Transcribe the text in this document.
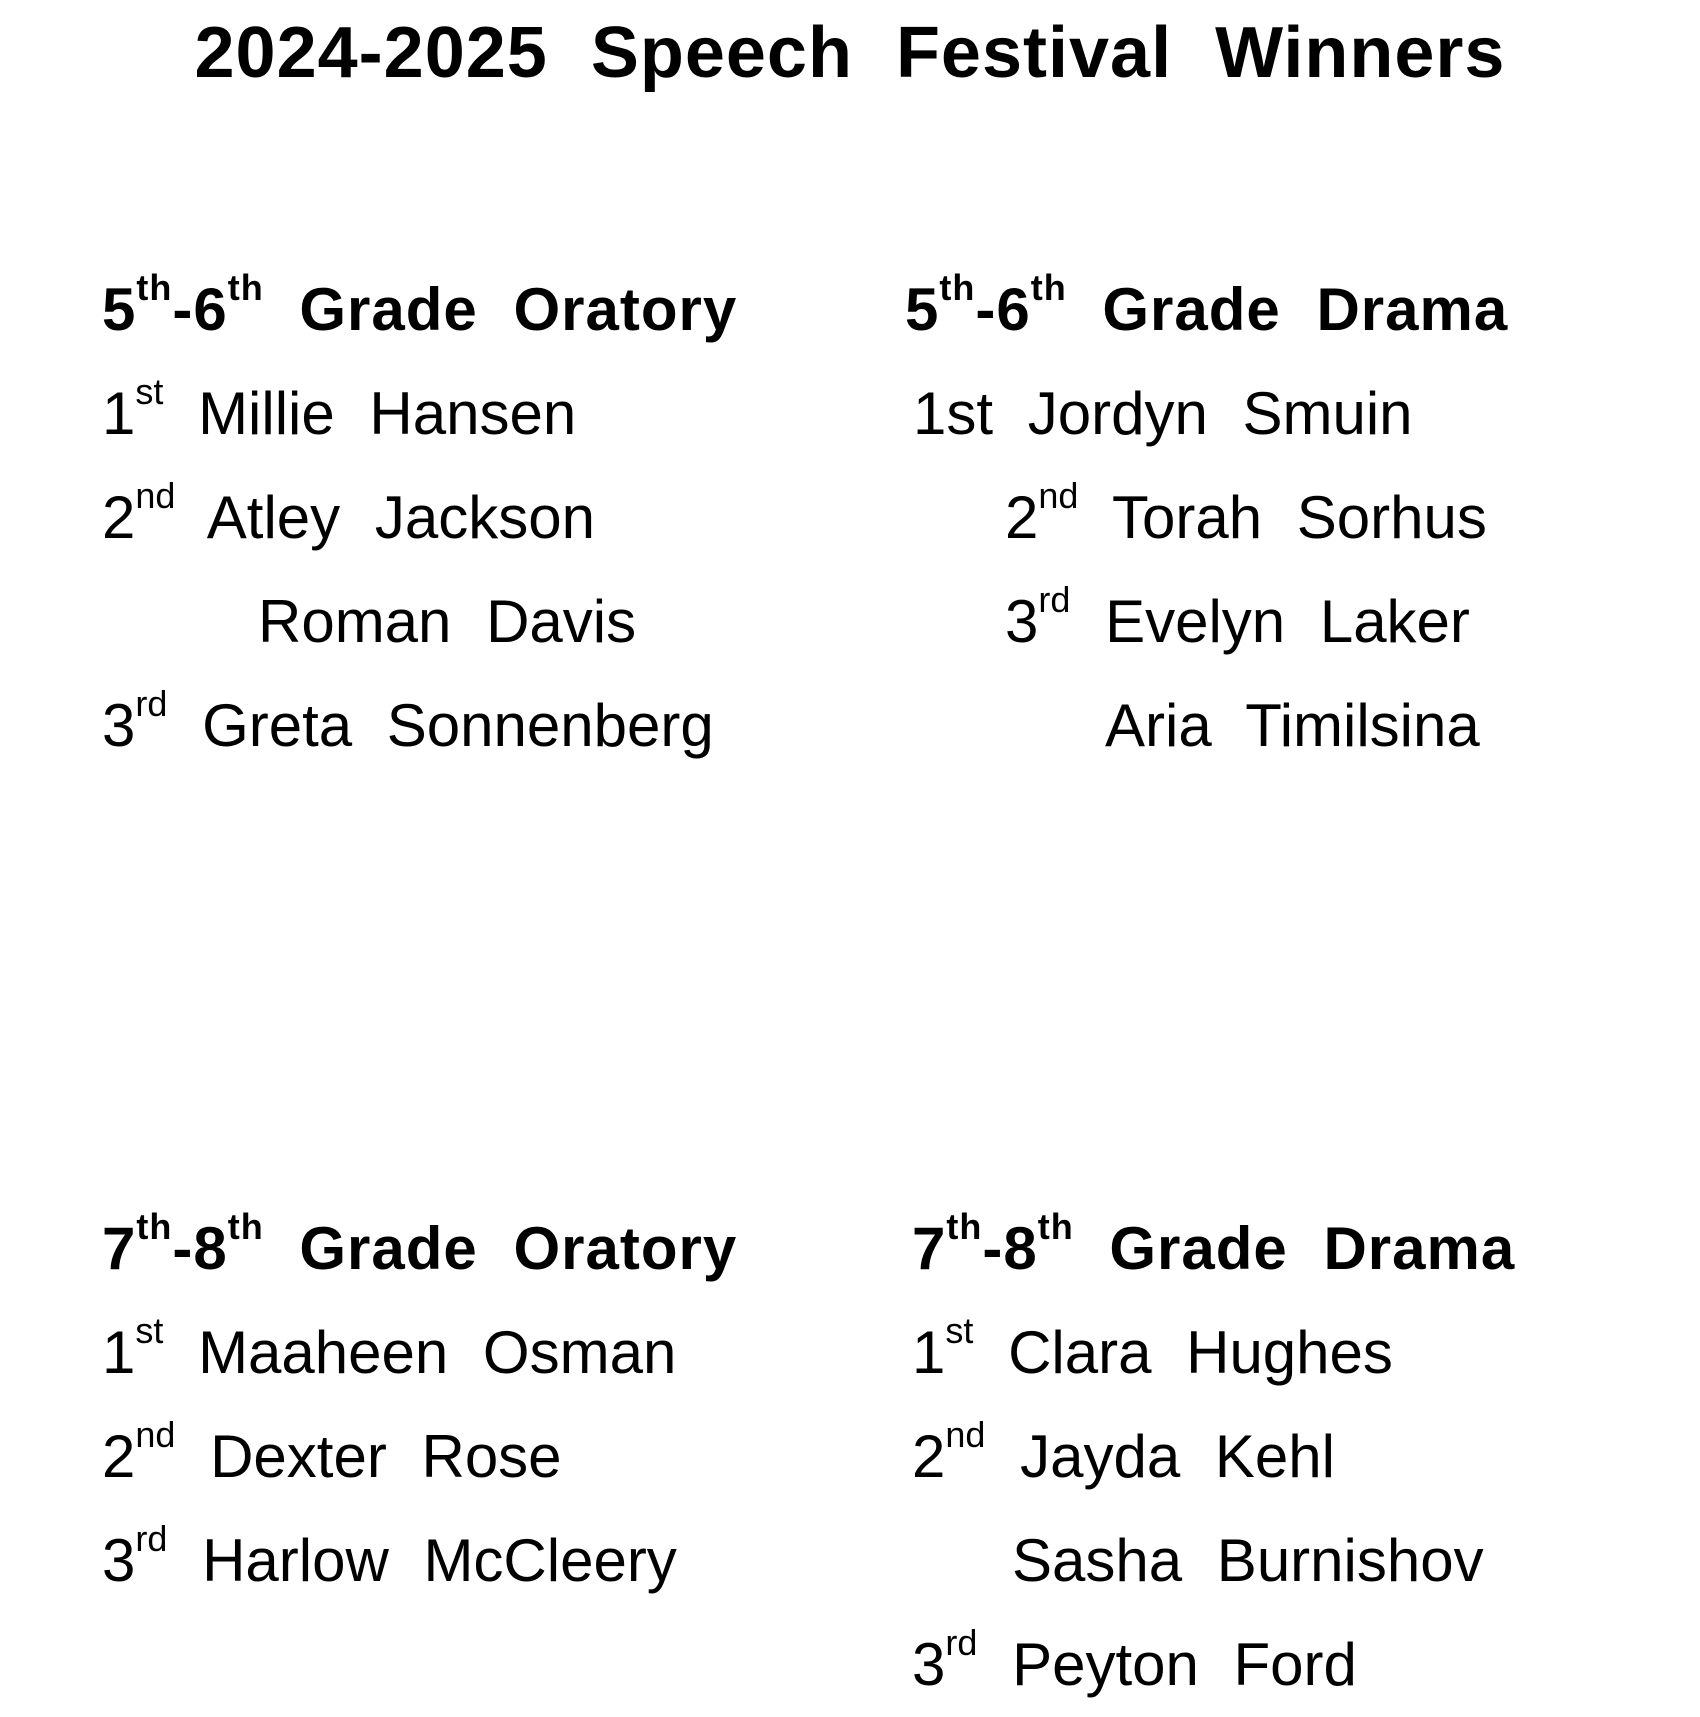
2024-2025 Speech Festival Winners
5th-6th Grade Oratory
1st Millie Hansen
2nd Atley Jackson
Roman Davis
3rd Greta Sonnenberg
5th-6th Grade Drama
1st Jordyn Smuin
2nd Torah Sorhus
3rd Evelyn Laker
Aria Timilsina
7th-8th Grade Oratory
1st Maaheen Osman
2nd Dexter Rose
3rd Harlow McCleery
7th-8th Grade Drama
1st Clara Hughes
2nd Jayda Kehl
Sasha Burnishov
3rd Peyton Ford
